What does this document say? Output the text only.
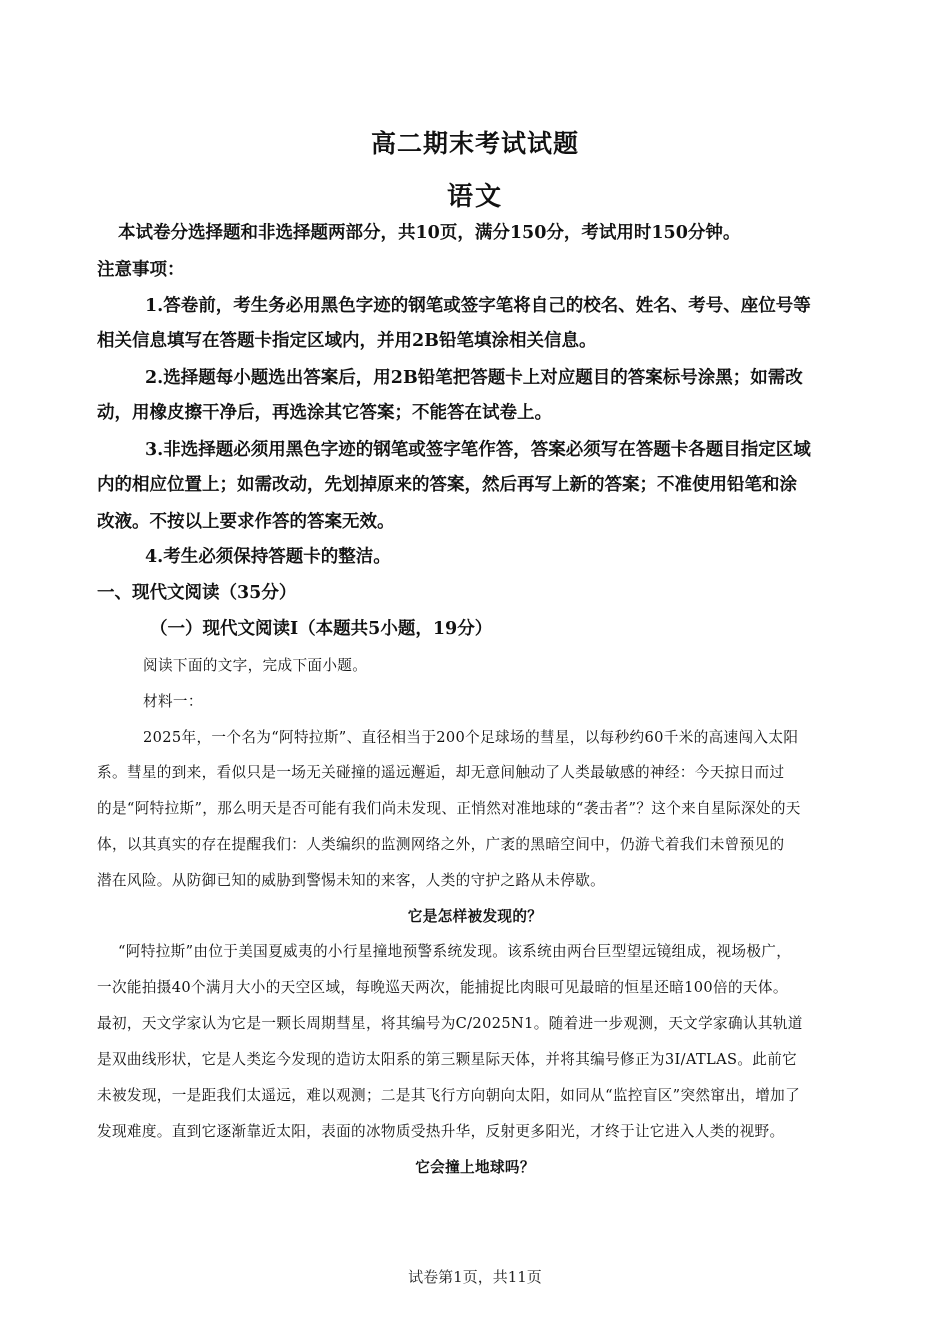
高二期末考试试题
语文
本试卷分选择题和非选择题两部分，共10页，满分150分，考试用时150分钟。
注意事项：
1.答卷前，考生务必用黑色字迹的钢笔或签字笔将自己的校名、姓名、考号、座位号等
相关信息填写在答题卡指定区域内，并用2B铅笔填涂相关信息。
2.选择题每小题选出答案后，用2B铅笔把答题卡上对应题目的答案标号涂黑；如需改
动，用橡皮擦干净后，再选涂其它答案；不能答在试卷上。
3.非选择题必须用黑色字迹的钢笔或签字笔作答，答案必须写在答题卡各题目指定区域
内的相应位置上；如需改动，先划掉原来的答案，然后再写上新的答案；不准使用铅笔和涂
改液。不按以上要求作答的答案无效。
4.考生必须保持答题卡的整洁。
一、现代文阅读（35分）
（一）现代文阅读I（本题共5小题，19分）
阅读下面的文字，完成下面小题。
材料一：
2025年，一个名为“阿特拉斯”、直径相当于200个足球场的彗星，以每秒约60千米的高速闯入太阳
系。彗星的到来，看似只是一场无关碰撞的遥远邂逅，却无意间触动了人类最敏感的神经：今天掠日而过
的是“阿特拉斯”，那么明天是否可能有我们尚未发现、正悄然对准地球的“袭击者”？这个来自星际深处的天
体，以其真实的存在提醒我们：人类编织的监测网络之外，广袤的黑暗空间中，仍游弋着我们未曾预见的
潜在风险。从防御已知的威胁到警惕未知的来客，人类的守护之路从未停歇。
它是怎样被发现的？
“阿特拉斯”由位于美国夏威夷的小行星撞地预警系统发现。该系统由两台巨型望远镜组成，视场极广，
一次能拍摄40个满月大小的天空区域，每晚巡天两次，能捕捉比肉眼可见最暗的恒星还暗100倍的天体。
最初，天文学家认为它是一颗长周期彗星，将其编号为C/2025N1。随着进一步观测，天文学家确认其轨道
是双曲线形状，它是人类迄今发现的造访太阳系的第三颗星际天体，并将其编号修正为3I/ATLAS。此前它
未被发现，一是距我们太遥远，难以观测；二是其飞行方向朝向太阳，如同从“监控盲区”突然窜出，增加了
发现难度。直到它逐渐靠近太阳，表面的冰物质受热升华，反射更多阳光，才终于让它进入人类的视野。
它会撞上地球吗？
试卷第1页，共11页
